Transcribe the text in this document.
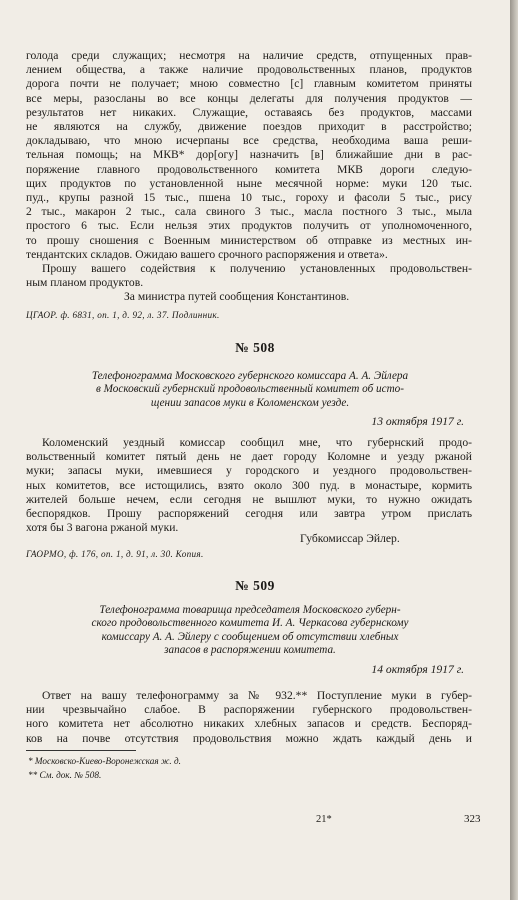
голода среди служащих; несмотря на наличие средств, отпущенных прав-
лением общества, а также наличие продовольственных планов, продуктов
дорога почти не получает; мною совместно [с] главным комитетом приняты
все меры, разосланы во все концы делегаты для получения продуктов —
результатов нет никаких. Служащие, оставаясь без продуктов, массами
не являются на службу, движение поездов приходит в расстройство;
докладываю, что мною исчерпаны все средства, необходима ваша реши-
тельная помощь; на МКВ* дор[огу] назначить [в] ближайшие дни в рас-
поряжение главного продовольственного комитета МКВ дороги следую-
щих продуктов по установленной ныне месячной норме: муки 120 тыс.
пуд., крупы разной 15 тыс., пшена 10 тыс., гороху и фасоли 5 тыс., рису
2 тыс., макарон 2 тыс., сала свиного 3 тыс., масла постного 3 тыс., мыла
простого 6 тыс. Если нельзя этих продуктов получить от уполномоченного,
то прошу сношения с Военным министерством об отправке из местных ин-
тендантских складов. Ожидаю вашего срочного распоряжения и ответа».
Прошу вашего содействия к получению установленных продовольствен-
ным планом продуктов.
За министра путей сообщения Константинов.
ЦГАОР. ф. 6831, оп. 1, д. 92, л. 37. Подлинник.
№ 508
Телефонограмма Московского губернского комиссара А. А. Эйлера
в Московский губернский продовольственный комитет об исто-
щении запасов муки в Коломенском уезде.
13 октября 1917 г.
Коломенский уездный комиссар сообщил мне, что губернский продо-
вольственный комитет пятый день не дает городу Коломне и уезду ржаной
муки; запасы муки, имевшиеся у городского и уездного продовольствен-
ных комитетов, все истощились, взято около 300 пуд. в монастыре, кормить
жителей больше нечем, если сегодня не вышлют муки, то нужно ожидать
беспорядков. Прошу распоряжений сегодня или завтра утром прислать
хотя бы 3 вагона ржаной муки.
Губкомиссар Эйлер.
ГАОРМО, ф. 176, оп. 1, д. 91, л. 30. Копия.
№ 509
Телефонограмма товарища председателя Московского губерн-
ского продовольственного комитета И. А. Черкасова губернскому
комиссару А. А. Эйлеру с сообщением об отсутствии хлебных
запасов в распоряжении комитета.
14 октября 1917 г.
Ответ на вашу телефонограмму за № 932.** Поступление муки в губер-
нии чрезвычайно слабое. В распоряжении губернского продовольствен-
ного комитета нет абсолютно никаких хлебных запасов и средств. Беспоряд-
ков на почве отсутствия продовольствия можно ждать каждый день и
* Московско-Киево-Воронежская ж. д.
** См. док. № 508.
21*	323
